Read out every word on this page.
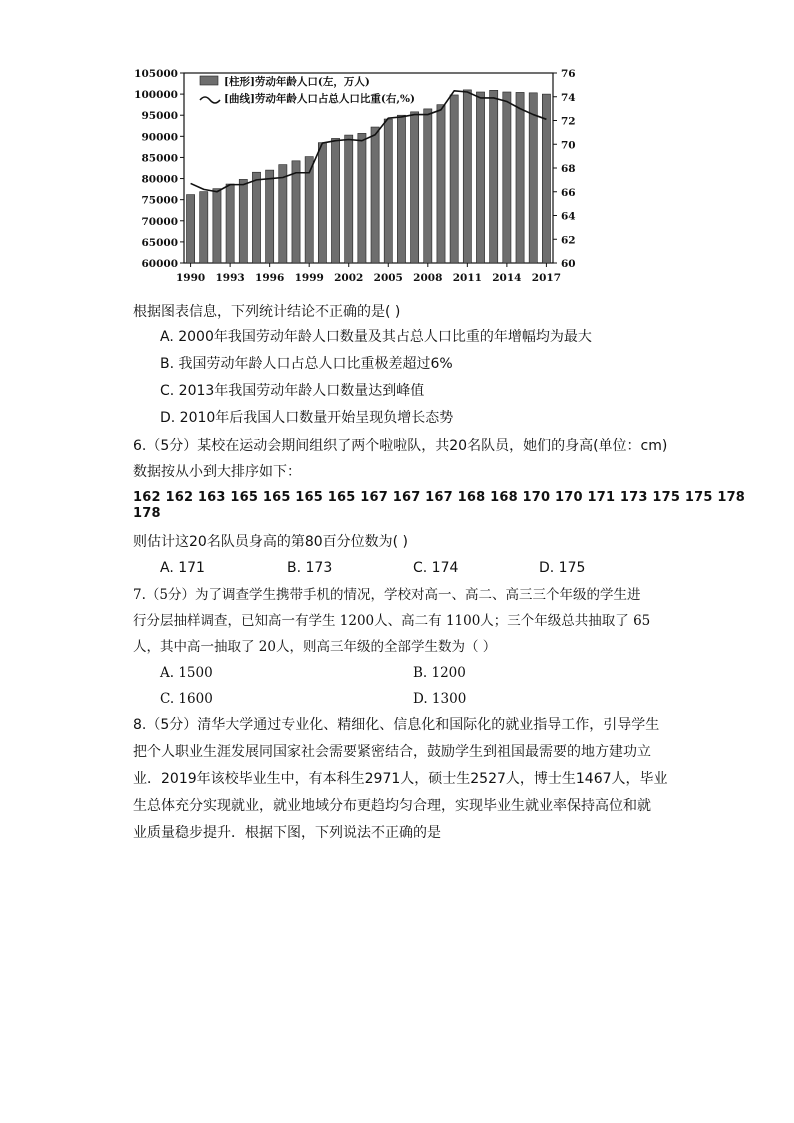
60000
65000
70000
75000
80000
85000
90000
95000
100000
105000
60
62
64
66
68
70
72
74
76
1990 1993 1996 1999 2002 2005 2008 2011 2014 2017
[柱形]劳动年龄人口(左，万人)
[曲线]劳动年龄人口占总人口比重(右,%)
根据图表信息，下列统计结论不正确的是( )
A. 2000年我国劳动年龄人口数量及其占总人口比重的年增幅均为最大
B. 我国劳动年龄人口占总人口比重极差超过6%
C. 2013年我国劳动年龄人口数量达到峰值
D. 2010年后我国人口数量开始呈现负增长态势
6.（5分）某校在运动会期间组织了两个啦啦队，共20名队员，她们的身高(单位：cm)
数据按从小到大排序如下：
162 162 163 165 165 165 165 167 167 167 168 168 170 170 171 173 175 175 178
178
则估计这20名队员身高的第80百分位数为( )
A. 171	B. 173	C. 174	D. 175
7.（5分）为了调查学生携带手机的情况，学校对高一、高二、高三三个年级的学生进
行分层抽样调查，已知高一有学生 1200人、高二有 1100人；三个年级总共抽取了 65
人，其中高一抽取了 20人，则高三年级的全部学生数为（ ）
A. 1500	B. 1200
C. 1600	D. 1300
8.（5分）清华大学通过专业化、精细化、信息化和国际化的就业指导工作，引导学生
把个人职业生涯发展同国家社会需要紧密结合，鼓励学生到祖国最需要的地方建功立
业．2019年该校毕业生中，有本科生2971人，硕士生2527人，博士生1467人，毕业
生总体充分实现就业，就业地域分布更趋均匀合理，实现毕业生就业率保持高位和就
业质量稳步提升．根据下图，下列说法不正确的是
